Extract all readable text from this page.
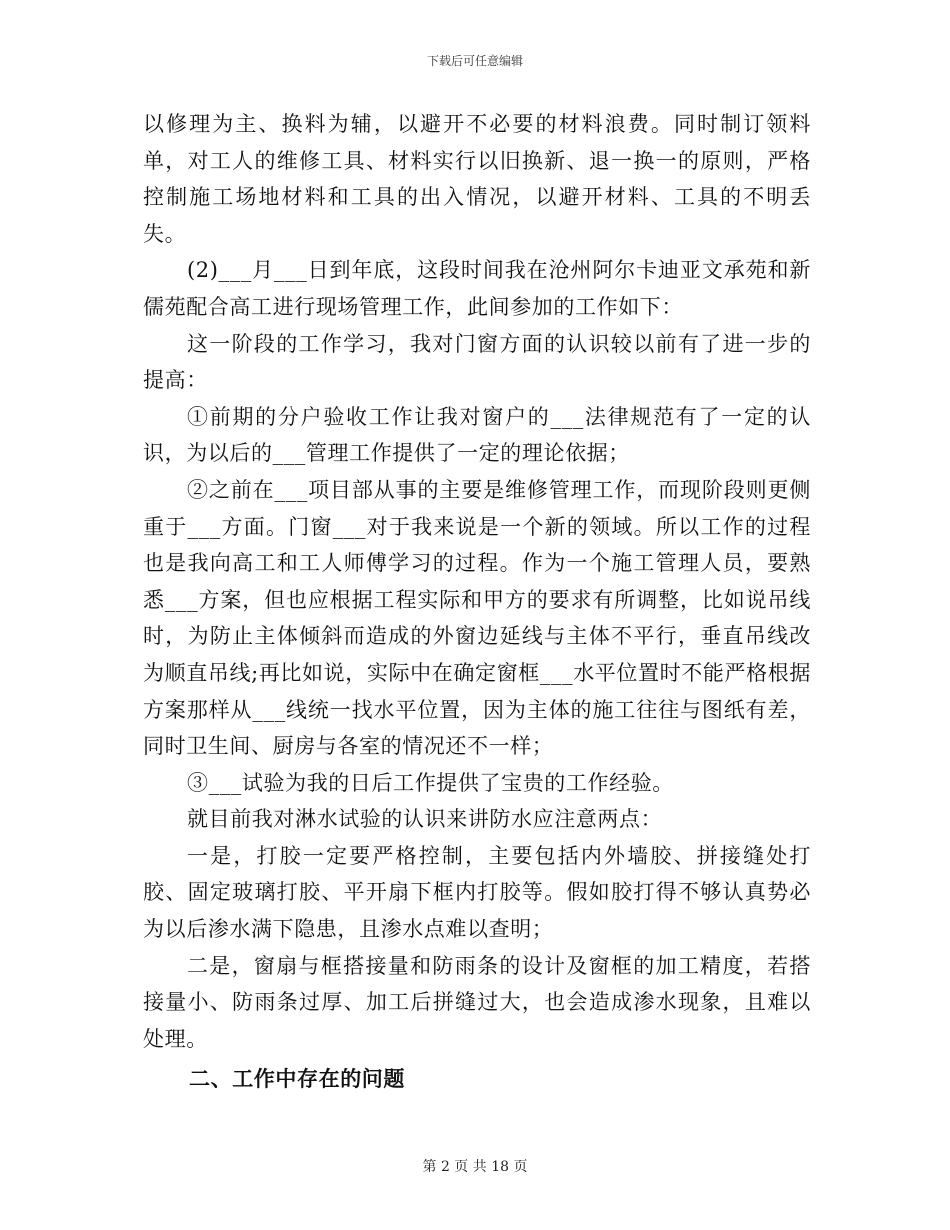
下载后可任意编辑

以修理为主、换料为辅，以避开不必要的材料浪费。同时制订领料单，对工人的维修工具、材料实行以旧换新、退一换一的原则，严格控制施工场地材料和工具的出入情况，以避开材料、工具的不明丢失。

(2)___月___日到年底，这段时间我在沧州阿尔卡迪亚文承苑和新儒苑配合高工进行现场管理工作，此间参加的工作如下：

这一阶段的工作学习，我对门窗方面的认识较以前有了进一步的提高：

①前期的分户验收工作让我对窗户的___法律规范有了一定的认识，为以后的___管理工作提供了一定的理论依据；

②之前在___项目部从事的主要是维修管理工作，而现阶段则更侧重于___方面。门窗___对于我来说是一个新的领域。所以工作的过程也是我向高工和工人师傅学习的过程。作为一个施工管理人员，要熟悉___方案，但也应根据工程实际和甲方的要求有所调整，比如说吊线时，为防止主体倾斜而造成的外窗边延线与主体不平行，垂直吊线改为顺直吊线;再比如说，实际中在确定窗框___水平位置时不能严格根据方案那样从___线统一找水平位置，因为主体的施工往往与图纸有差，同时卫生间、厨房与各室的情况还不一样；

③___试验为我的日后工作提供了宝贵的工作经验。

就目前我对淋水试验的认识来讲防水应注意两点：

一是，打胶一定要严格控制，主要包括内外墙胶、拼接缝处打胶、固定玻璃打胶、平开扇下框内打胶等。假如胶打得不够认真势必为以后渗水满下隐患，且渗水点难以查明；

二是，窗扇与框搭接量和防雨条的设计及窗框的加工精度，若搭接量小、防雨条过厚、加工后拼缝过大，也会造成渗水现象，且难以处理。

二、工作中存在的问题
第 2 页 共 18 页
